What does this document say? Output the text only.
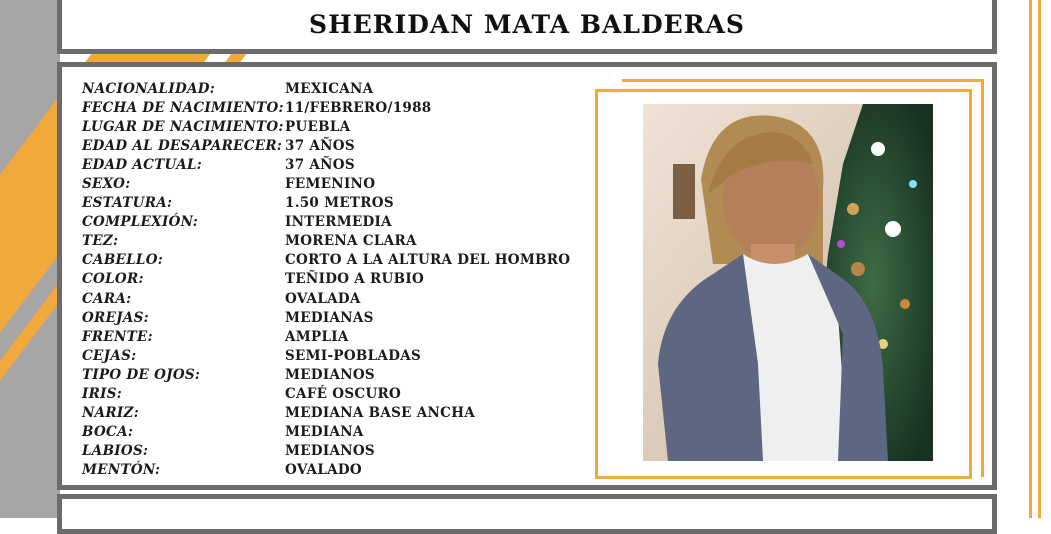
SHERIDAN MATA BALDERAS
NACIONALIDAD:	MEXICANA
FECHA DE NACIMIENTO: 11/FEBRERO/1988
LUGAR DE NACIMIENTO: PUEBLA
EDAD AL DESAPARECER: 37 AÑOS
EDAD ACTUAL:	37 AÑOS
SEXO:	FEMENINO
ESTATURA:	1.50 METROS
COMPLEXIÓN:	INTERMEDIA
TEZ:	MORENA CLARA
CABELLO:	CORTO A LA ALTURA DEL HOMBRO
COLOR:	TEÑIDO A RUBIO
CARA:	OVALADA
OREJAS:	MEDIANAS
FRENTE:	AMPLIA
CEJAS:	SEMI-POBLADAS
TIPO DE OJOS:	MEDIANOS
IRIS:	CAFÉ OSCURO
NARIZ:	MEDIANA BASE ANCHA
BOCA:	MEDIANA
LABIOS:	MEDIANOS
MENTÓN:	OVALADO
